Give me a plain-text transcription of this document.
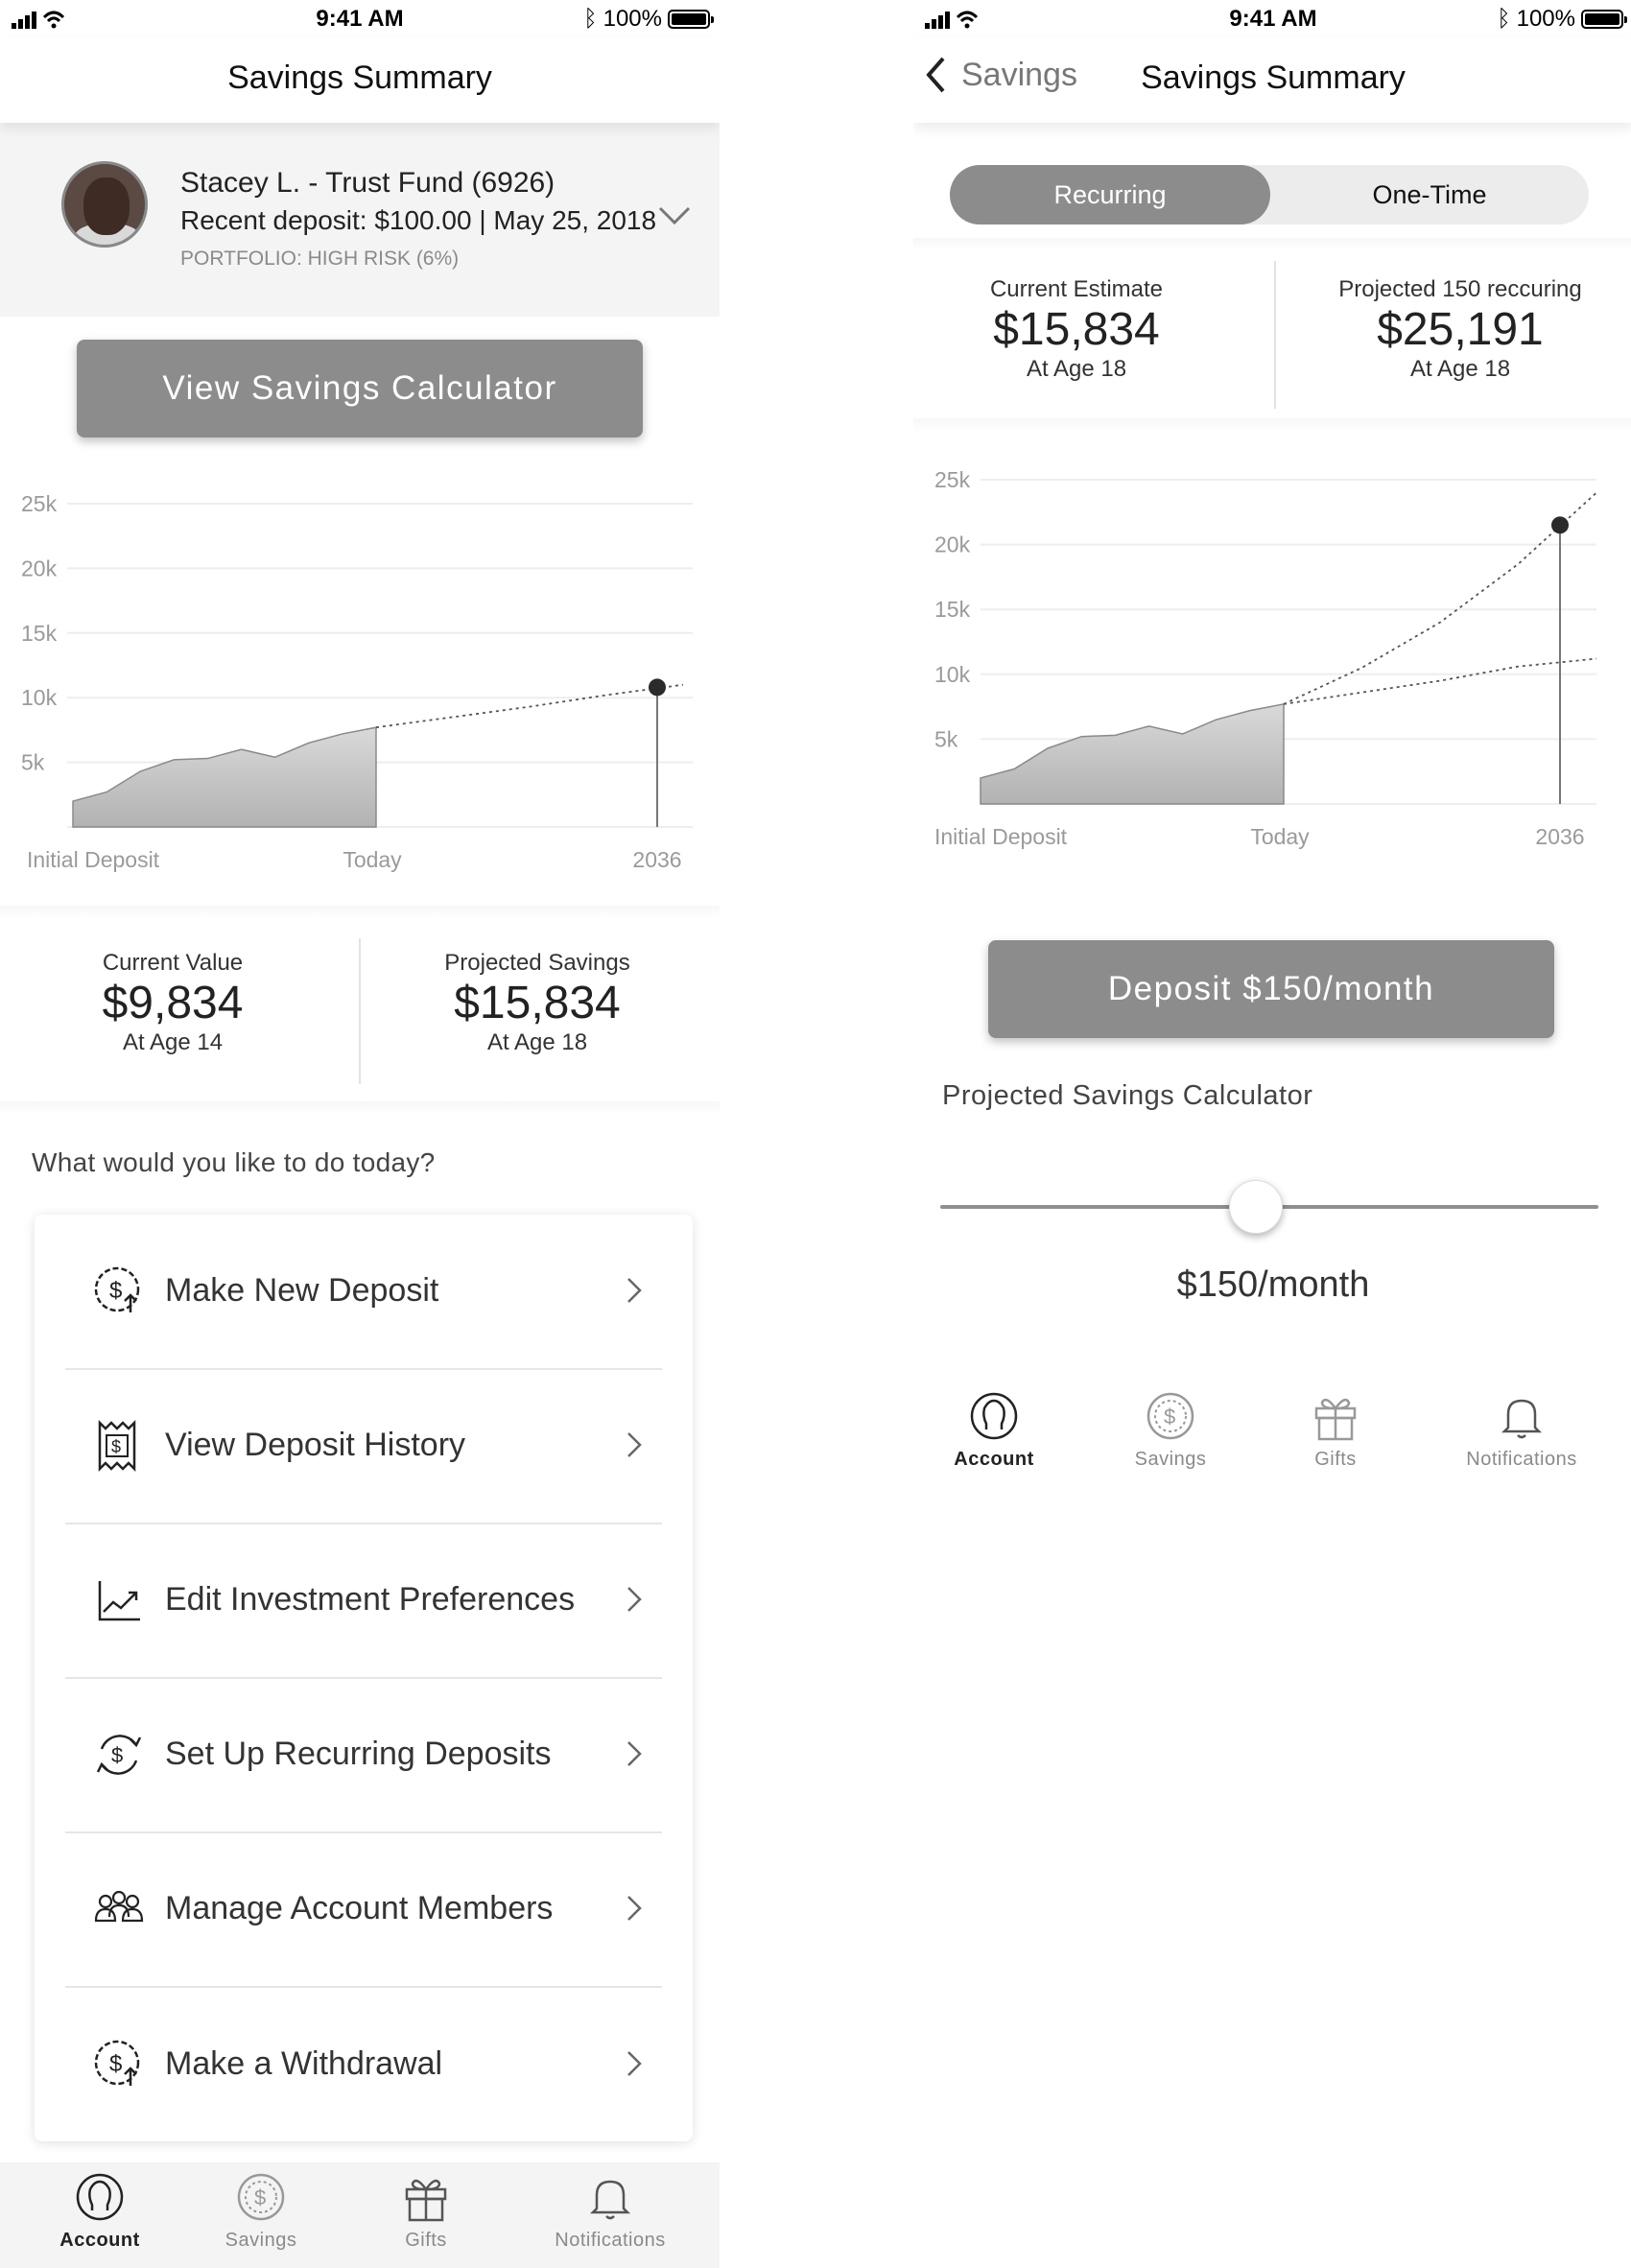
9:41 AM	ᛒ 100%
Savings Summary
Stacey L. - Trust Fund (6926)
Recent deposit: $100.00 | May 25, 2018
PORTFOLIO: HIGH RISK (6%)
View Savings Calculator
25k
20k
15k
10k
5k
Initial Deposit	Today	2036
Current Value
$9,834
At Age 14
Projected Savings
$15,834
At Age 18
What would you like to do today?
$ Make New Deposit
$ View Deposit History
Edit Investment Preferences
$ Set Up Recurring Deposits
Manage Account Members
$ Make a Withdrawal
Account
$
Savings	Gifts	Notifications
9:41 AM	ᛒ 100%
Savings	Savings Summary
Recurring	One-Time
Current Estimate
$15,834
At Age 18
Projected 150 reccuring
$25,191
At Age 18
25k
20k
15k
10k
5k
Initial Deposit	Today	2036
Deposit $150/month
Projected Savings Calculator
$150/month
Account
$
Savings	Gifts	Notifications
